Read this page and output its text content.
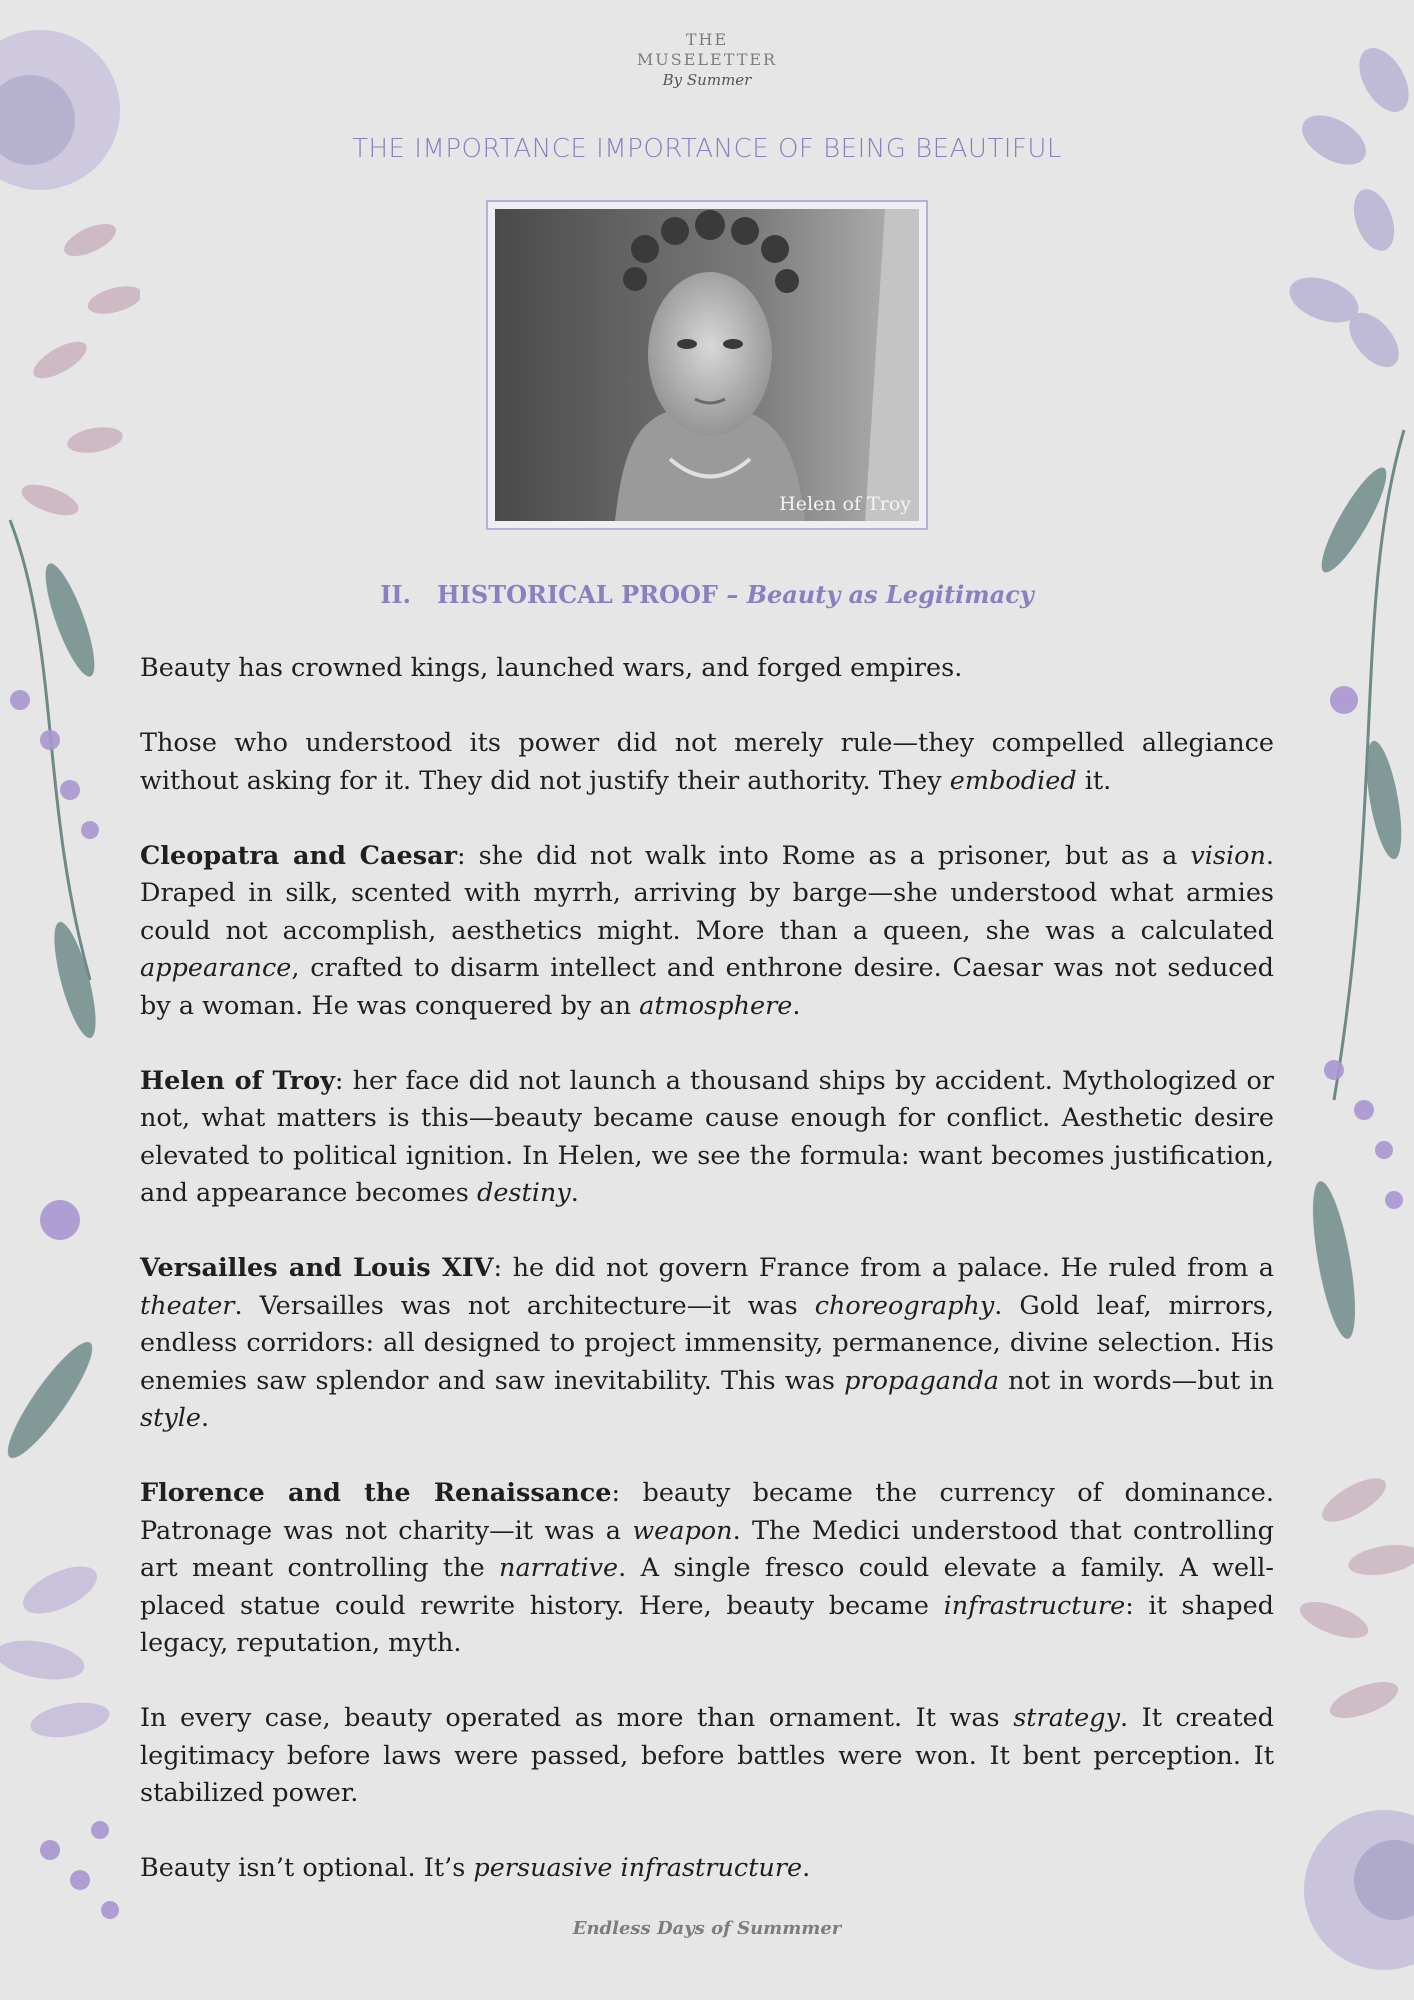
THE
MUSELETTER
By Summer
THE IMPORTANCE IMPORTANCE OF BEING BEAUTIFUL
Helen of Troy
II. HISTORICAL PROOF – Beauty as Legitimacy

Beauty has crowned kings, launched wars, and forged empires.

Those who understood its power did not merely rule—they compelled allegiance without asking for it. They did not justify their authority. They embodied it.

Cleopatra and Caesar: she did not walk into Rome as a prisoner, but as a vision. Draped in silk, scented with myrrh, arriving by barge—she understood what armies could not accomplish, aesthetics might. More than a queen, she was a calculated appearance, crafted to disarm intellect and enthrone desire. Caesar was not seduced by a woman. He was conquered by an atmosphere.

Helen of Troy: her face did not launch a thousand ships by accident. Mythologized or not, what matters is this—beauty became cause enough for conflict. Aesthetic desire elevated to political ignition. In Helen, we see the formula: want becomes justification, and appearance becomes destiny.

Versailles and Louis XIV: he did not govern France from a palace. He ruled from a theater. Versailles was not architecture—it was choreography. Gold leaf, mirrors, endless corridors: all designed to project immensity, permanence, divine selection. His enemies saw splendor and saw inevitability. This was propaganda not in words—but in style.

Florence and the Renaissance: beauty became the currency of dominance. Patronage was not charity—it was a weapon. The Medici understood that controlling art meant controlling the narrative. A single fresco could elevate a family. A well-placed statue could rewrite history. Here, beauty became infrastructure: it shaped legacy, reputation, myth.

In every case, beauty operated as more than ornament. It was strategy. It created legitimacy before laws were passed, before battles were won. It bent perception. It stabilized power.

Beauty isn’t optional. It’s persuasive infrastructure.

Endless Days of Summmer
